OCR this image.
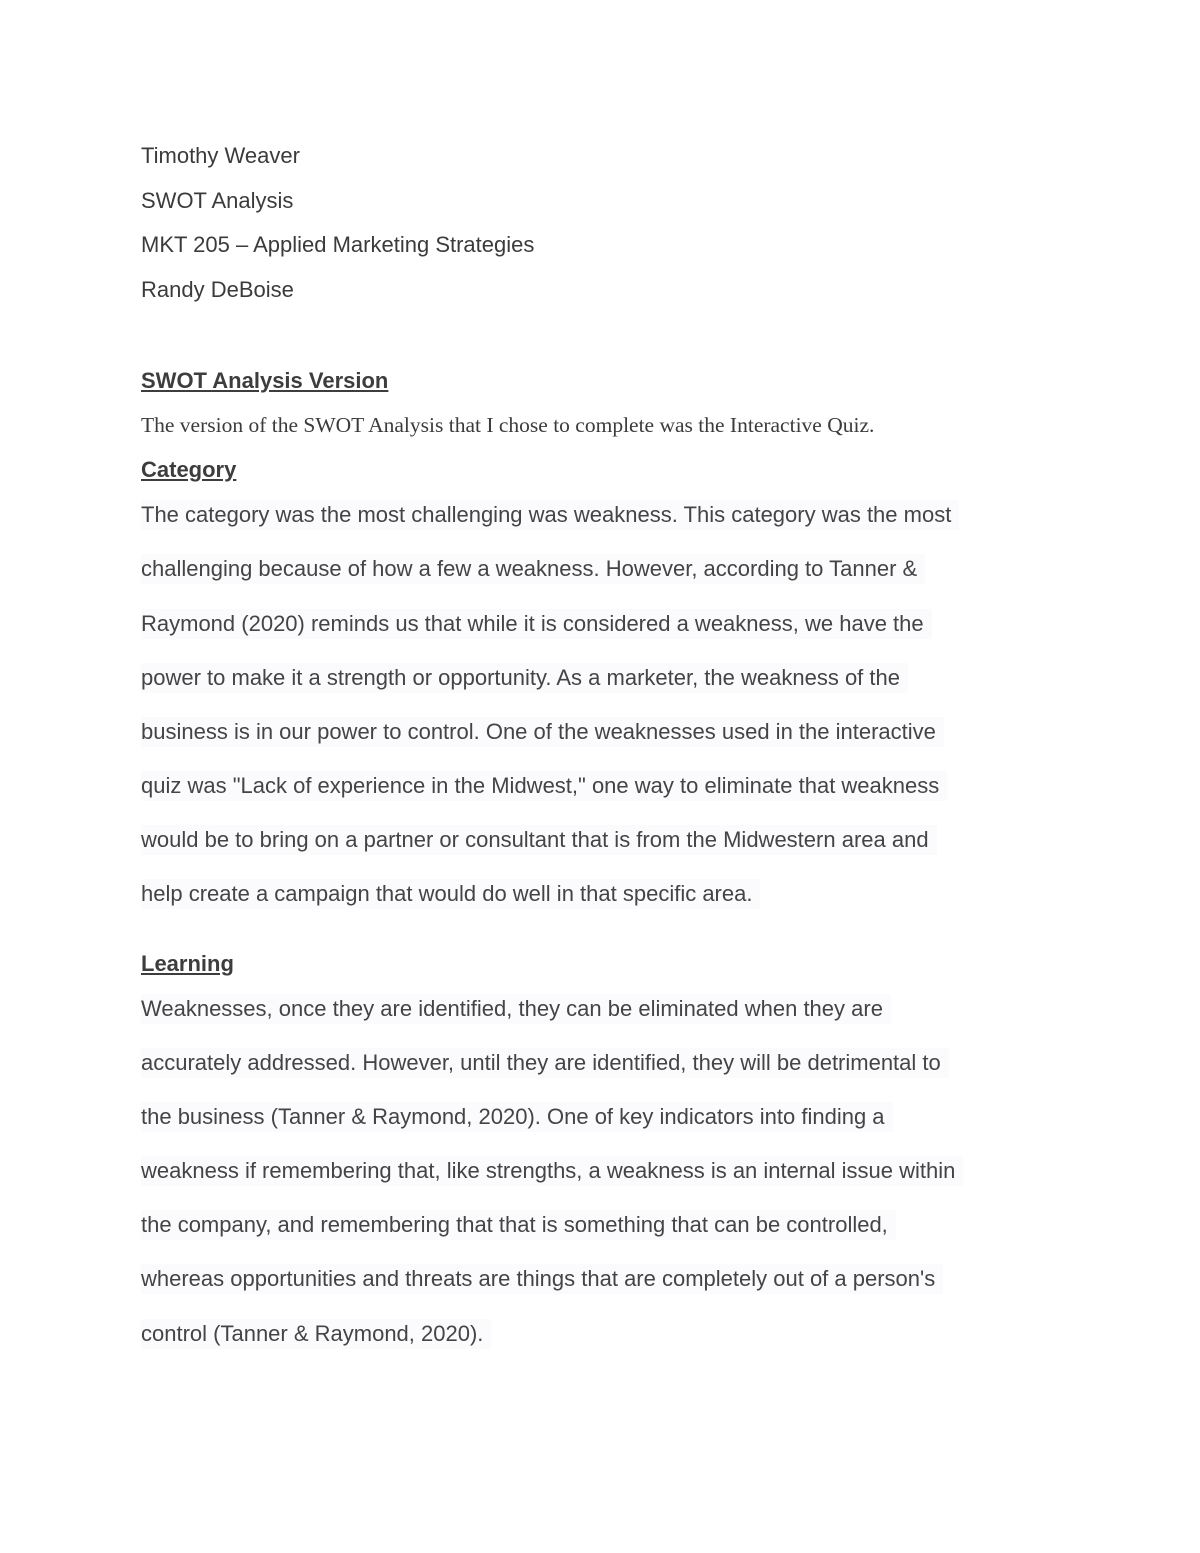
Timothy Weaver
SWOT Analysis
MKT 205 – Applied Marketing Strategies
Randy DeBoise
SWOT Analysis Version
The version of the SWOT Analysis that I chose to complete was the Interactive Quiz.
Category
The category was the most challenging was weakness. This category was the most
challenging because of how a few a weakness. However, according to Tanner &
Raymond (2020) reminds us that while it is considered a weakness, we have the
power to make it a strength or opportunity. As a marketer, the weakness of the
business is in our power to control. One of the weaknesses used in the interactive
quiz was "Lack of experience in the Midwest," one way to eliminate that weakness
would be to bring on a partner or consultant that is from the Midwestern area and
help create a campaign that would do well in that specific area.
Learning
Weaknesses, once they are identified, they can be eliminated when they are
accurately addressed. However, until they are identified, they will be detrimental to
the business (Tanner & Raymond, 2020). One of key indicators into finding a
weakness if remembering that, like strengths, a weakness is an internal issue within
the company, and remembering that that is something that can be controlled,
whereas opportunities and threats are things that are completely out of a person's
control (Tanner & Raymond, 2020).
